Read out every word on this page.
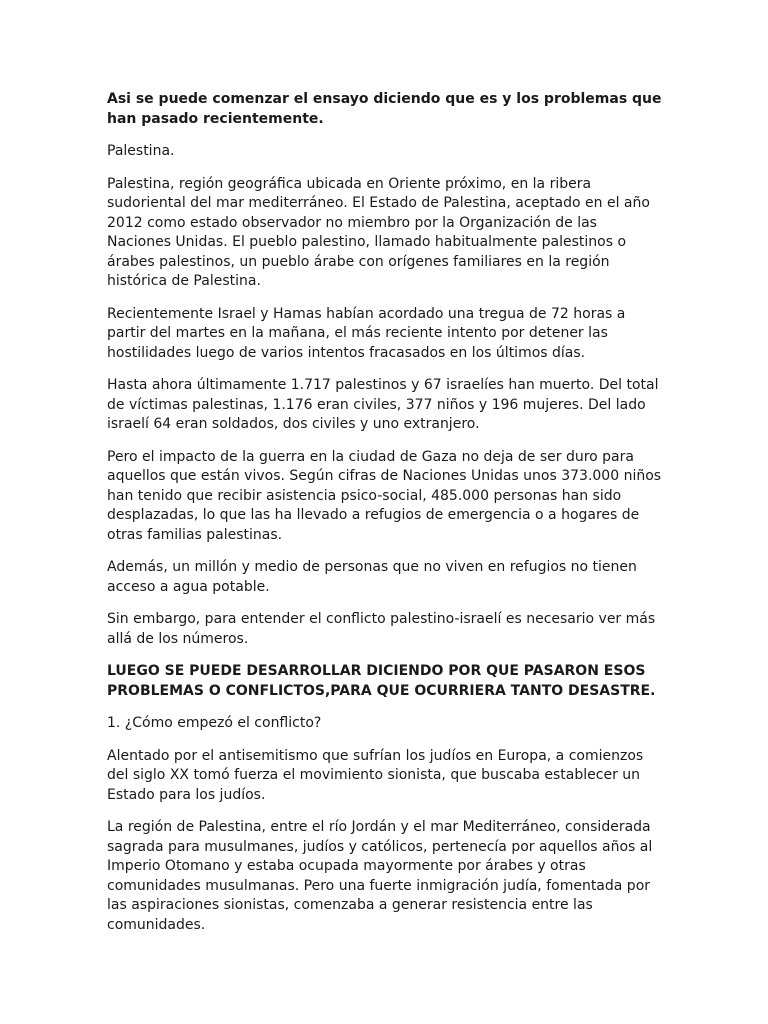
Asi se puede comenzar el ensayo diciendo que es y los problemas que han pasado recientemente.

Palestina.

Palestina, región geográfica ubicada en Oriente próximo, en la ribera sudoriental del mar mediterráneo. El Estado de Palestina, aceptado en el año 2012 como estado observador no miembro por la Organización de las Naciones Unidas. El pueblo palestino, llamado habitualmente palestinos o árabes palestinos, un pueblo árabe con orígenes familiares en la región histórica de Palestina.

Recientemente Israel y Hamas habían acordado una tregua de 72 horas a partir del martes en la mañana, el más reciente intento por detener las hostilidades luego de varios intentos fracasados en los últimos días.

Hasta ahora últimamente 1.717 palestinos y 67 israelíes han muerto. Del total de víctimas palestinas, 1.176 eran civiles, 377 niños y 196 mujeres. Del lado israelí 64 eran soldados, dos civiles y uno extranjero.

Pero el impacto de la guerra en la ciudad de Gaza no deja de ser duro para aquellos que están vivos. Según cifras de Naciones Unidas unos 373.000 niños han tenido que recibir asistencia psico-social, 485.000 personas han sido desplazadas, lo que las ha llevado a refugios de emergencia o a hogares de otras familias palestinas.

Además, un millón y medio de personas que no viven en refugios no tienen acceso a agua potable.

Sin embargo, para entender el conflicto palestino-israelí es necesario ver más allá de los números.

LUEGO SE PUEDE DESARROLLAR DICIENDO POR QUE PASARON ESOS PROBLEMAS O CONFLICTOS,PARA QUE OCURRIERA TANTO DESASTRE.

1. ¿Cómo empezó el conflicto?

Alentado por el antisemitismo que sufrían los judíos en Europa, a comienzos del siglo XX tomó fuerza el movimiento sionista, que buscaba establecer un Estado para los judíos.

La región de Palestina, entre el río Jordán y el mar Mediterráneo, considerada sagrada para musulmanes, judíos y católicos, pertenecía por aquellos años al Imperio Otomano y estaba ocupada mayormente por árabes y otras comunidades musulmanas. Pero una fuerte inmigración judía, fomentada por las aspiraciones sionistas, comenzaba a generar resistencia entre las comunidades.
